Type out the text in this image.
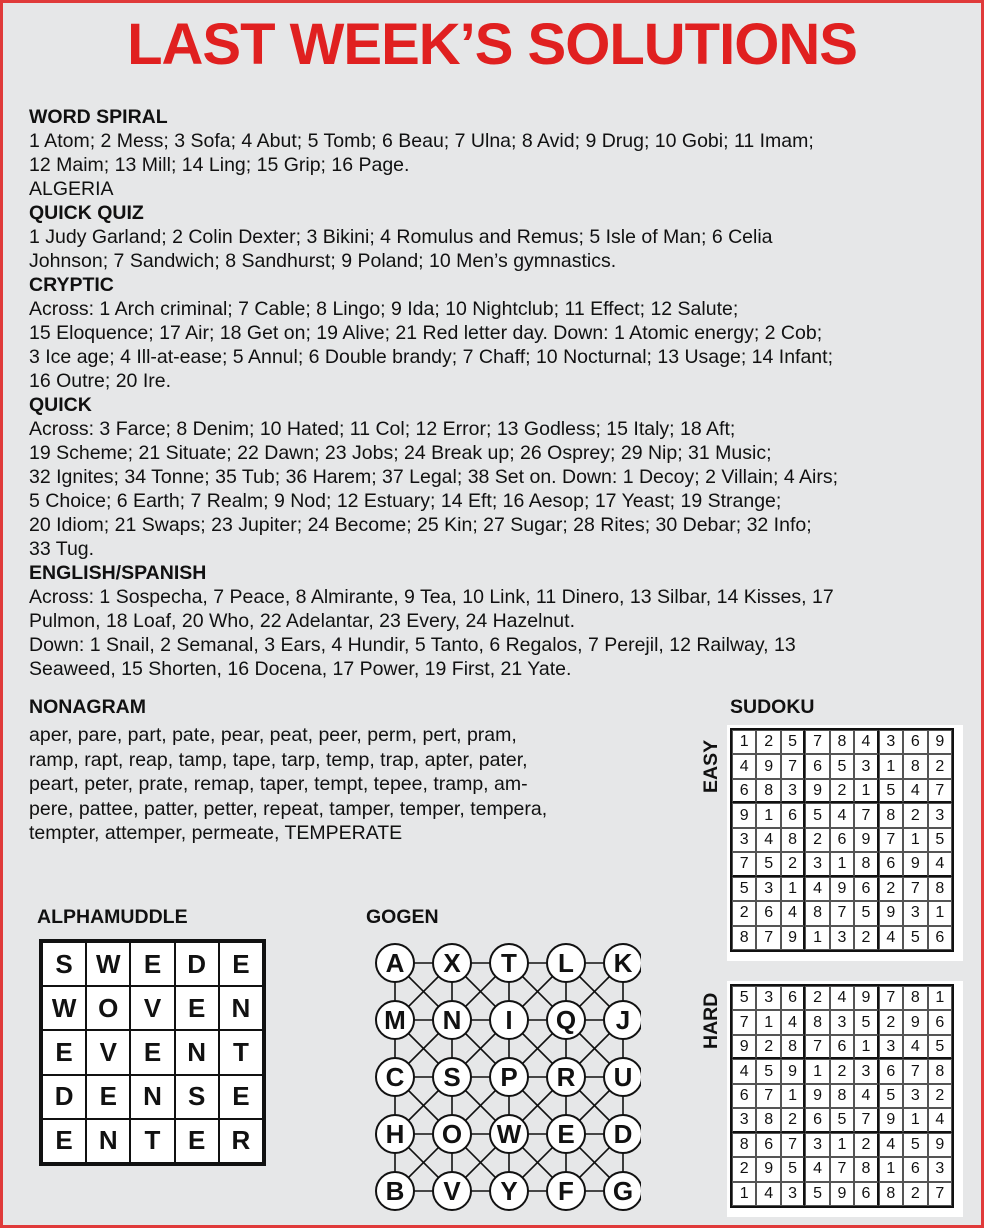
LAST WEEK’S SOLUTIONS
WORD SPIRAL
1 Atom; 2 Mess; 3 Sofa; 4 Abut; 5 Tomb; 6 Beau; 7 Ulna; 8 Avid; 9 Drug; 10 Gobi; 11 Imam;
12 Maim; 13 Mill; 14 Ling; 15 Grip; 16 Page.
ALGERIA
QUICK QUIZ
1 Judy Garland; 2 Colin Dexter; 3 Bikini; 4 Romulus and Remus; 5 Isle of Man; 6 Celia
Johnson; 7 Sandwich; 8 Sandhurst; 9 Poland; 10 Men’s gymnastics.
CRYPTIC
Across: 1 Arch criminal; 7 Cable; 8 Lingo; 9 Ida; 10 Nightclub; 11 Effect; 12 Salute;
15 Eloquence; 17 Air; 18 Get on; 19 Alive; 21 Red letter day. Down: 1 Atomic energy; 2 Cob;
3 Ice age; 4 Ill-at-ease; 5 Annul; 6 Double brandy; 7 Chaff; 10 Nocturnal; 13 Usage; 14 Infant;
16 Outre; 20 Ire.
QUICK
Across: 3 Farce; 8 Denim; 10 Hated; 11 Col; 12 Error; 13 Godless; 15 Italy; 18 Aft;
19 Scheme; 21 Situate; 22 Dawn; 23 Jobs; 24 Break up; 26 Osprey; 29 Nip; 31 Music;
32 Ignites; 34 Tonne; 35 Tub; 36 Harem; 37 Legal; 38 Set on. Down: 1 Decoy; 2 Villain; 4 Airs;
5 Choice; 6 Earth; 7 Realm; 9 Nod; 12 Estuary; 14 Eft; 16 Aesop; 17 Yeast; 19 Strange;
20 Idiom; 21 Swaps; 23 Jupiter; 24 Become; 25 Kin; 27 Sugar; 28 Rites; 30 Debar; 32 Info;
33 Tug.
ENGLISH/SPANISH
Across: 1 Sospecha, 7 Peace, 8 Almirante, 9 Tea, 10 Link, 11 Dinero, 13 Silbar, 14 Kisses, 17
Pulmon, 18 Loaf, 20 Who, 22 Adelantar, 23 Every, 24 Hazelnut.
Down: 1 Snail, 2 Semanal, 3 Ears, 4 Hundir, 5 Tanto, 6 Regalos, 7 Perejil, 12 Railway, 13
Seaweed, 15 Shorten, 16 Docena, 17 Power, 19 First, 21 Yate.
NONAGRAM
aper, pare, part, pate, pear, peat, peer, perm, pert, pram,
ramp, rapt, reap, tamp, tape, tarp, temp, trap, apter, pater,
peart, peter, prate, remap, taper, tempt, tepee, tramp, am-
pere, pattee, patter, petter, repeat, tamper, temper, tempera,
tempter, attemper, permeate, TEMPERATE
SUDOKU
EASY
HARD
1 2 5	7 8 4	3 6 9
4 9 7	6 5 3	1 8 2
6 8 3	9 2 1	5 4 7
9 1 6	5 4 7	8 2 3
3 4 8	2 6 9	7 1 5
7 5 2	3 1 8	6 9 4
5 3 1	4 9 6	2 7 8
2 6 4	8 7 5	9 3 1
8 7 9	1 3 2	4 5 6
5 3 6	2 4 9	7 8 1
7 1 4	8 3 5	2 9 6
9 2 8	7 6 1	3 4 5
4 5 9	1 2 3	6 7 8
6 7 1	9 8 4	5 3 2
3 8 2	6 5 7	9 1 4
8 6 7	3 1 2	4 5 9
2 9 5	4 7 8	1 6 3
1 4 3	5 9 6	8 2 7
ALPHAMUDDLE
S W E	D	E
W O V	E	N
E	V	E	N	T
D	E	N	S	E
E	N	T	E	R
GOGEN
A X T L K
M N I Q J
C S P R U
H O W E D
B V Y F G
